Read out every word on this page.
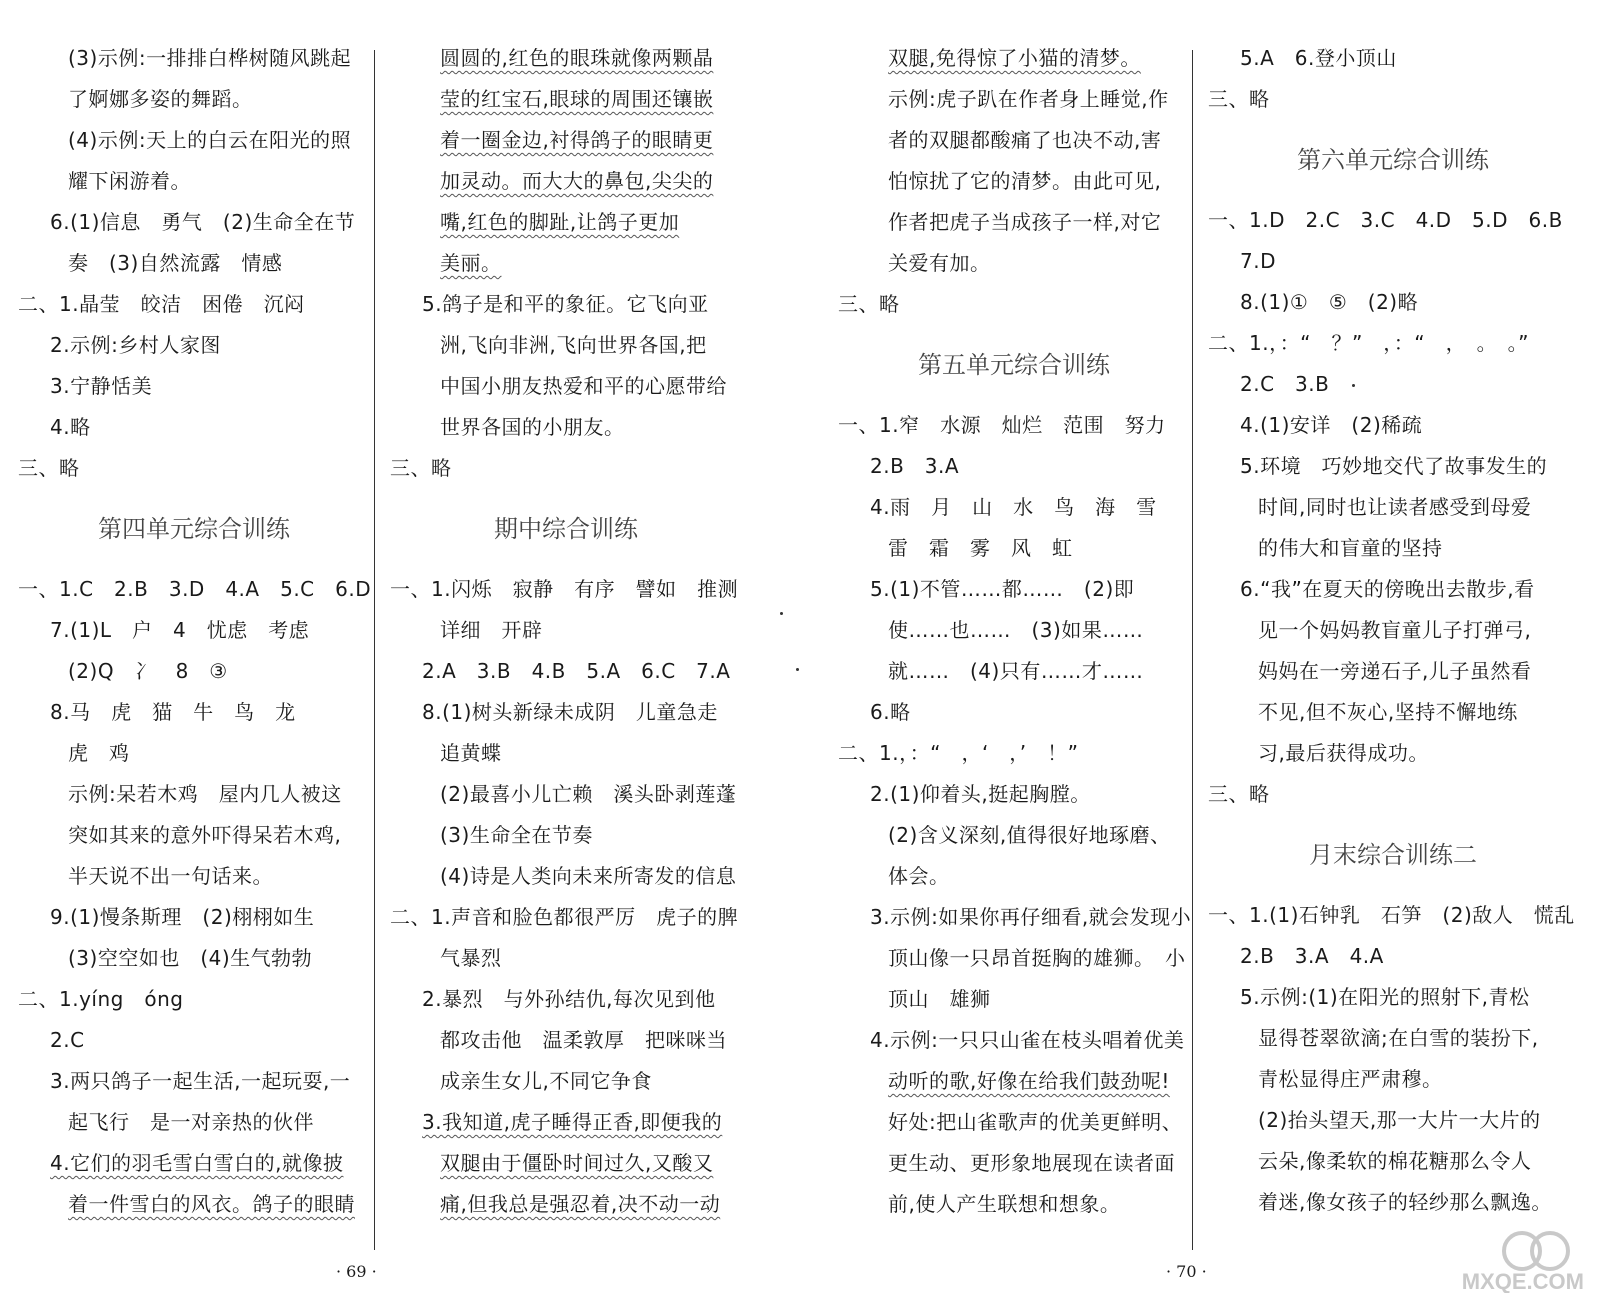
(3)示例:一排排白桦树随风跳起
了婀娜多姿的舞蹈。
(4)示例:天上的白云在阳光的照
耀下闲游着。
6.(1)信息　勇气　(2)生命全在节
奏　(3)自然流露　情感
二、1.晶莹　皎洁　困倦　沉闷
2.示例:乡村人家图
3.宁静恬美
4.略
三、略
第四单元综合训练
一、1.C　2.B　3.D　4.A　5.C　6.D
7.(1)L　户　4　忧虑　考虑
(2)Q　冫　8　③
8.马　虎　猫　牛　鸟　龙
虎　鸡
示例:呆若木鸡　屋内几人被这
突如其来的意外吓得呆若木鸡,
半天说不出一句话来。
9.(1)慢条斯理　(2)栩栩如生
(3)空空如也　(4)生气勃勃
二、1.yíng　óng
2.C
3.两只鸽子一起生活,一起玩耍,一
起飞行　是一对亲热的伙伴
4.它们的羽毛雪白雪白的,就像披
着一件雪白的风衣。鸽子的眼睛
圆圆的,红色的眼珠就像两颗晶
莹的红宝石,眼球的周围还镶嵌
着一圈金边,衬得鸽子的眼睛更
加灵动。而大大的鼻包,尖尖的
嘴,红色的脚趾,让鸽子更加
美丽。
5.鸽子是和平的象征。它飞向亚
洲,飞向非洲,飞向世界各国,把
中国小朋友热爱和平的心愿带给
世界各国的小朋友。
三、略
期中综合训练
一、1.闪烁　寂静　有序　譬如　推测
详细　开辟
2.A　3.B　4.B　5.A　6.C　7.A
8.(1)树头新绿未成阴　儿童急走
追黄蝶
(2)最喜小儿亡赖　溪头卧剥莲蓬
(3)生命全在节奏
(4)诗是人类向未来所寄发的信息
二、1.声音和脸色都很严厉　虎子的脾
气暴烈
2.暴烈　与外孙结仇,每次见到他
都攻击他　温柔敦厚　把咪咪当
成亲生女儿,不同它争食
3.我知道,虎子睡得正香,即便我的
双腿由于僵卧时间过久,又酸又
痛,但我总是强忍着,决不动一动
双腿,免得惊了小猫的清梦。
示例:虎子趴在作者身上睡觉,作
者的双腿都酸痛了也决不动,害
怕惊扰了它的清梦。由此可见,
作者把虎子当成孩子一样,对它
关爱有加。
三、略
第五单元综合训练
一、1.窄　水源　灿烂　范围　努力
2.B　3.A
4.雨　月　山　水　鸟　海　雪
雷　霜　雾　风　虹
5.(1)不管……都……　(2)即
使……也……　(3)如果……
就……　(4)只有……才……
6.略
二、1.，：“　，‘　，’　！”
2.(1)仰着头,挺起胸膛。
(2)含义深刻,值得很好地琢磨、
体会。
3.示例:如果你再仔细看,就会发现小
顶山像一只昂首挺胸的雄狮。　小
顶山　雄狮
4.示例:一只只山雀在枝头唱着优美
动听的歌,好像在给我们鼓劲呢!
好处:把山雀歌声的优美更鲜明、
更生动、更形象地展现在读者面
前,使人产生联想和想象。
5.A　6.登小顶山
三、略
第六单元综合训练
一、1.D　2.C　3.C　4.D　5.D　6.B
7.D
8.(1)①　⑤　(2)略
二、1.，：“　？”　，：“　，　。　。”
2.C　3.B
4.(1)安详　(2)稀疏
5.环境　巧妙地交代了故事发生的
时间,同时也让读者感受到母爱
的伟大和盲童的坚持
6.“我”在夏天的傍晚出去散步,看
见一个妈妈教盲童儿子打弹弓,
妈妈在一旁递石子,儿子虽然看
不见,但不灰心,坚持不懈地练
习,最后获得成功。
三、略
月末综合训练二
一、1.(1)石钟乳　石笋　(2)敌人　慌乱
2.B　3.A　4.A
5.示例:(1)在阳光的照射下,青松
显得苍翠欲滴;在白雪的装扮下,
青松显得庄严肃穆。
(2)抬头望天,那一大片一大片的
云朵,像柔软的棉花糖那么令人
着迷,像女孩子的轻纱那么飘逸。
· 69 ·	· 70 ·	MXQE.COM
